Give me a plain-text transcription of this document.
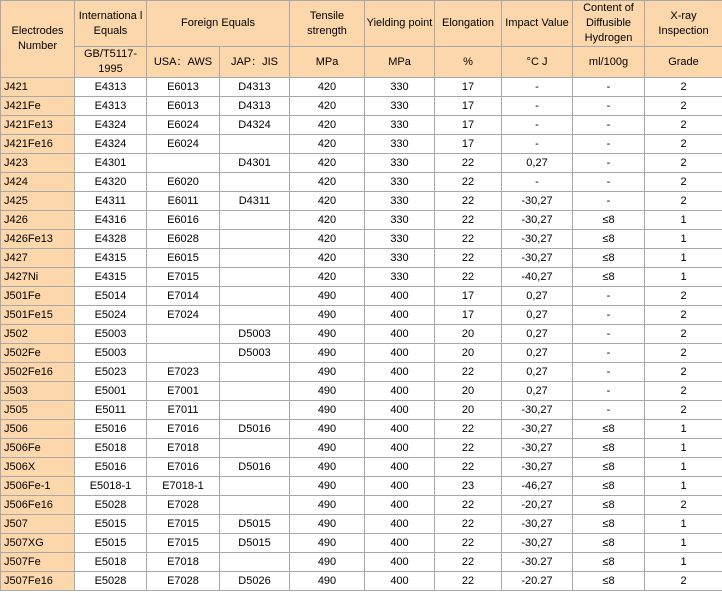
Electrodes Number	Internationa l Equals	Foreign Equals		Tensile strength	Yielding point	Elongation	Impact Value	Content of Diffusible Hydrogen	X-ray Inspection
	GB/T5117-1995	USA：AWS	JAP：JIS	MPa	MPa	%	°C J	ml/100g	Grade
J421	E4313	E6013	D4313	420	330	17	-	-	2
J421Fe	E4313	E6013	D4313	420	330	17	-	-	2
J421Fe13	E4324	E6024	D4324	420	330	17	-	-	2
J421Fe16	E4324	E6024		420	330	17	-	-	2
J423	E4301		D4301	420	330	22	0,27	-	2
J424	E4320	E6020		420	330	22	-	-	2
J425	E4311	E6011	D4311	420	330	22	-30,27	-	2
J426	E4316	E6016		420	330	22	-30,27	≤8	1
J426Fe13	E4328	E6028		420	330	22	-30,27	≤8	1
J427	E4315	E6015		420	330	22	-30,27	≤8	1
J427Ni	E4315	E7015		420	330	22	-40,27	≤8	1
J501Fe	E5014	E7014		490	400	17	0,27	-	2
J501Fe15	E5024	E7024		490	400	17	0,27	-	2
J502	E5003		D5003	490	400	20	0,27	-	2
J502Fe	E5003		D5003	490	400	20	0,27	-	2
J502Fe16	E5023	E7023		490	400	22	0,27	-	2
J503	E5001	E7001		490	400	20	0,27	-	2
J505	E5011	E7011		490	400	20	-30,27	-	2
J506	E5016	E7016	D5016	490	400	22	-30,27	≤8	1
J506Fe	E5018	E7018		490	400	22	-30,27	≤8	1
J506X	E5016	E7016	D5016	490	400	22	-30,27	≤8	1
J506Fe-1	E5018-1	E7018-1		490	400	23	-46,27	≤8	1
J506Fe16	E5028	E7028		490	400	22	-20,27	≤8	2
J507	E5015	E7015	D5015	490	400	22	-30,27	≤8	1
J507XG	E5015	E7015	D5015	490	400	22	-30,27	≤8	1
J507Fe	E5018	E7018		490	400	22	-30.27	≤8	1
J507Fe16	E5028	E7028	D5026	490	400	22	-20.27	≤8	2
